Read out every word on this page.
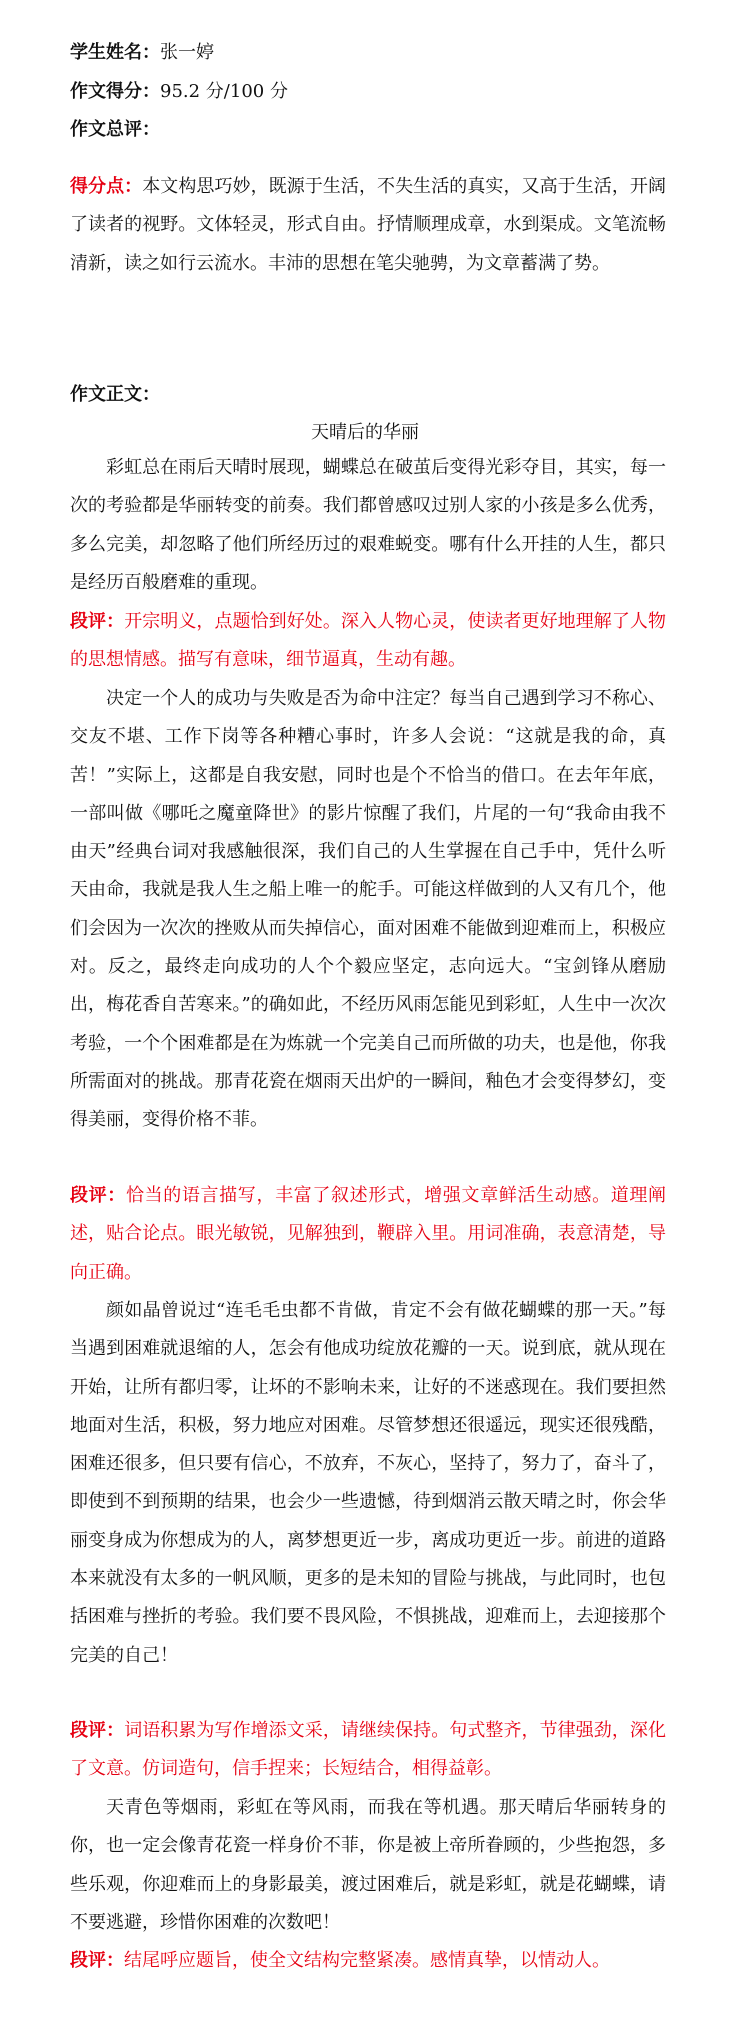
学生姓名：张一婷
作文得分：95.2 分/100 分
作文总评：
得分点：本文构思巧妙，既源于生活，不失生活的真实，又高于生活，开阔了读者的视野。文体轻灵，形式自由。抒情顺理成章，水到渠成。文笔流畅清新，读之如行云流水。丰沛的思想在笔尖驰骋，为文章蓄满了势。
作文正文：
天晴后的华丽
彩虹总在雨后天晴时展现，蝴蝶总在破茧后变得光彩夺目，其实，每一次的考验都是华丽转变的前奏。我们都曾感叹过别人家的小孩是多么优秀，多么完美，却忽略了他们所经历过的艰难蜕变。哪有什么开挂的人生，都只是经历百般磨难的重现。
段评：开宗明义，点题恰到好处。深入人物心灵，使读者更好地理解了人物的思想情感。描写有意味，细节逼真，生动有趣。
决定一个人的成功与失败是否为命中注定？每当自己遇到学习不称心、交友不堪、工作下岗等各种糟心事时，许多人会说：“这就是我的命，真苦！”实际上，这都是自我安慰，同时也是个不恰当的借口。在去年年底，一部叫做《哪吒之魔童降世》的影片惊醒了我们，片尾的一句“我命由我不由天”经典台词对我感触很深，我们自己的人生掌握在自己手中，凭什么听天由命，我就是我人生之船上唯一的舵手。可能这样做到的人又有几个，他们会因为一次次的挫败从而失掉信心，面对困难不能做到迎难而上，积极应对。反之，最终走向成功的人个个毅应坚定，志向远大。“宝剑锋从磨励出，梅花香自苦寒来。”的确如此，不经历风雨怎能见到彩虹，人生中一次次考验，一个个困难都是在为炼就一个完美自己而所做的功夫，也是他，你我所需面对的挑战。那青花瓷在烟雨天出炉的一瞬间，釉色才会变得梦幻，变得美丽，变得价格不菲。
段评：恰当的语言描写，丰富了叙述形式，增强文章鲜活生动感。道理阐述，贴合论点。眼光敏锐，见解独到，鞭辟入里。用词准确，表意清楚，导向正确。
颜如晶曾说过“连毛毛虫都不肯做，肯定不会有做花蝴蝶的那一天。”每当遇到困难就退缩的人，怎会有他成功绽放花瓣的一天。说到底，就从现在开始，让所有都归零，让坏的不影响未来，让好的不迷惑现在。我们要担然地面对生活，积极，努力地应对困难。尽管梦想还很遥远，现实还很残酷，困难还很多，但只要有信心，不放弃，不灰心，坚持了，努力了，奋斗了，即使到不到预期的结果，也会少一些遗憾，待到烟消云散天晴之时，你会华丽变身成为你想成为的人，离梦想更近一步，离成功更近一步。前进的道路本来就没有太多的一帆风顺，更多的是未知的冒险与挑战，与此同时，也包括困难与挫折的考验。我们要不畏风险，不惧挑战，迎难而上，去迎接那个完美的自己！
段评：词语积累为写作增添文采，请继续保持。句式整齐，节律强劲，深化了文意。仿词造句，信手捏来；长短结合，相得益彰。
天青色等烟雨，彩虹在等风雨，而我在等机遇。那天晴后华丽转身的你，也一定会像青花瓷一样身价不菲，你是被上帝所眷顾的，少些抱怨，多些乐观，你迎难而上的身影最美，渡过困难后，就是彩虹，就是花蝴蝶，请不要逃避，珍惜你困难的次数吧！
段评：结尾呼应题旨，使全文结构完整紧凑。感情真挚，以情动人。
